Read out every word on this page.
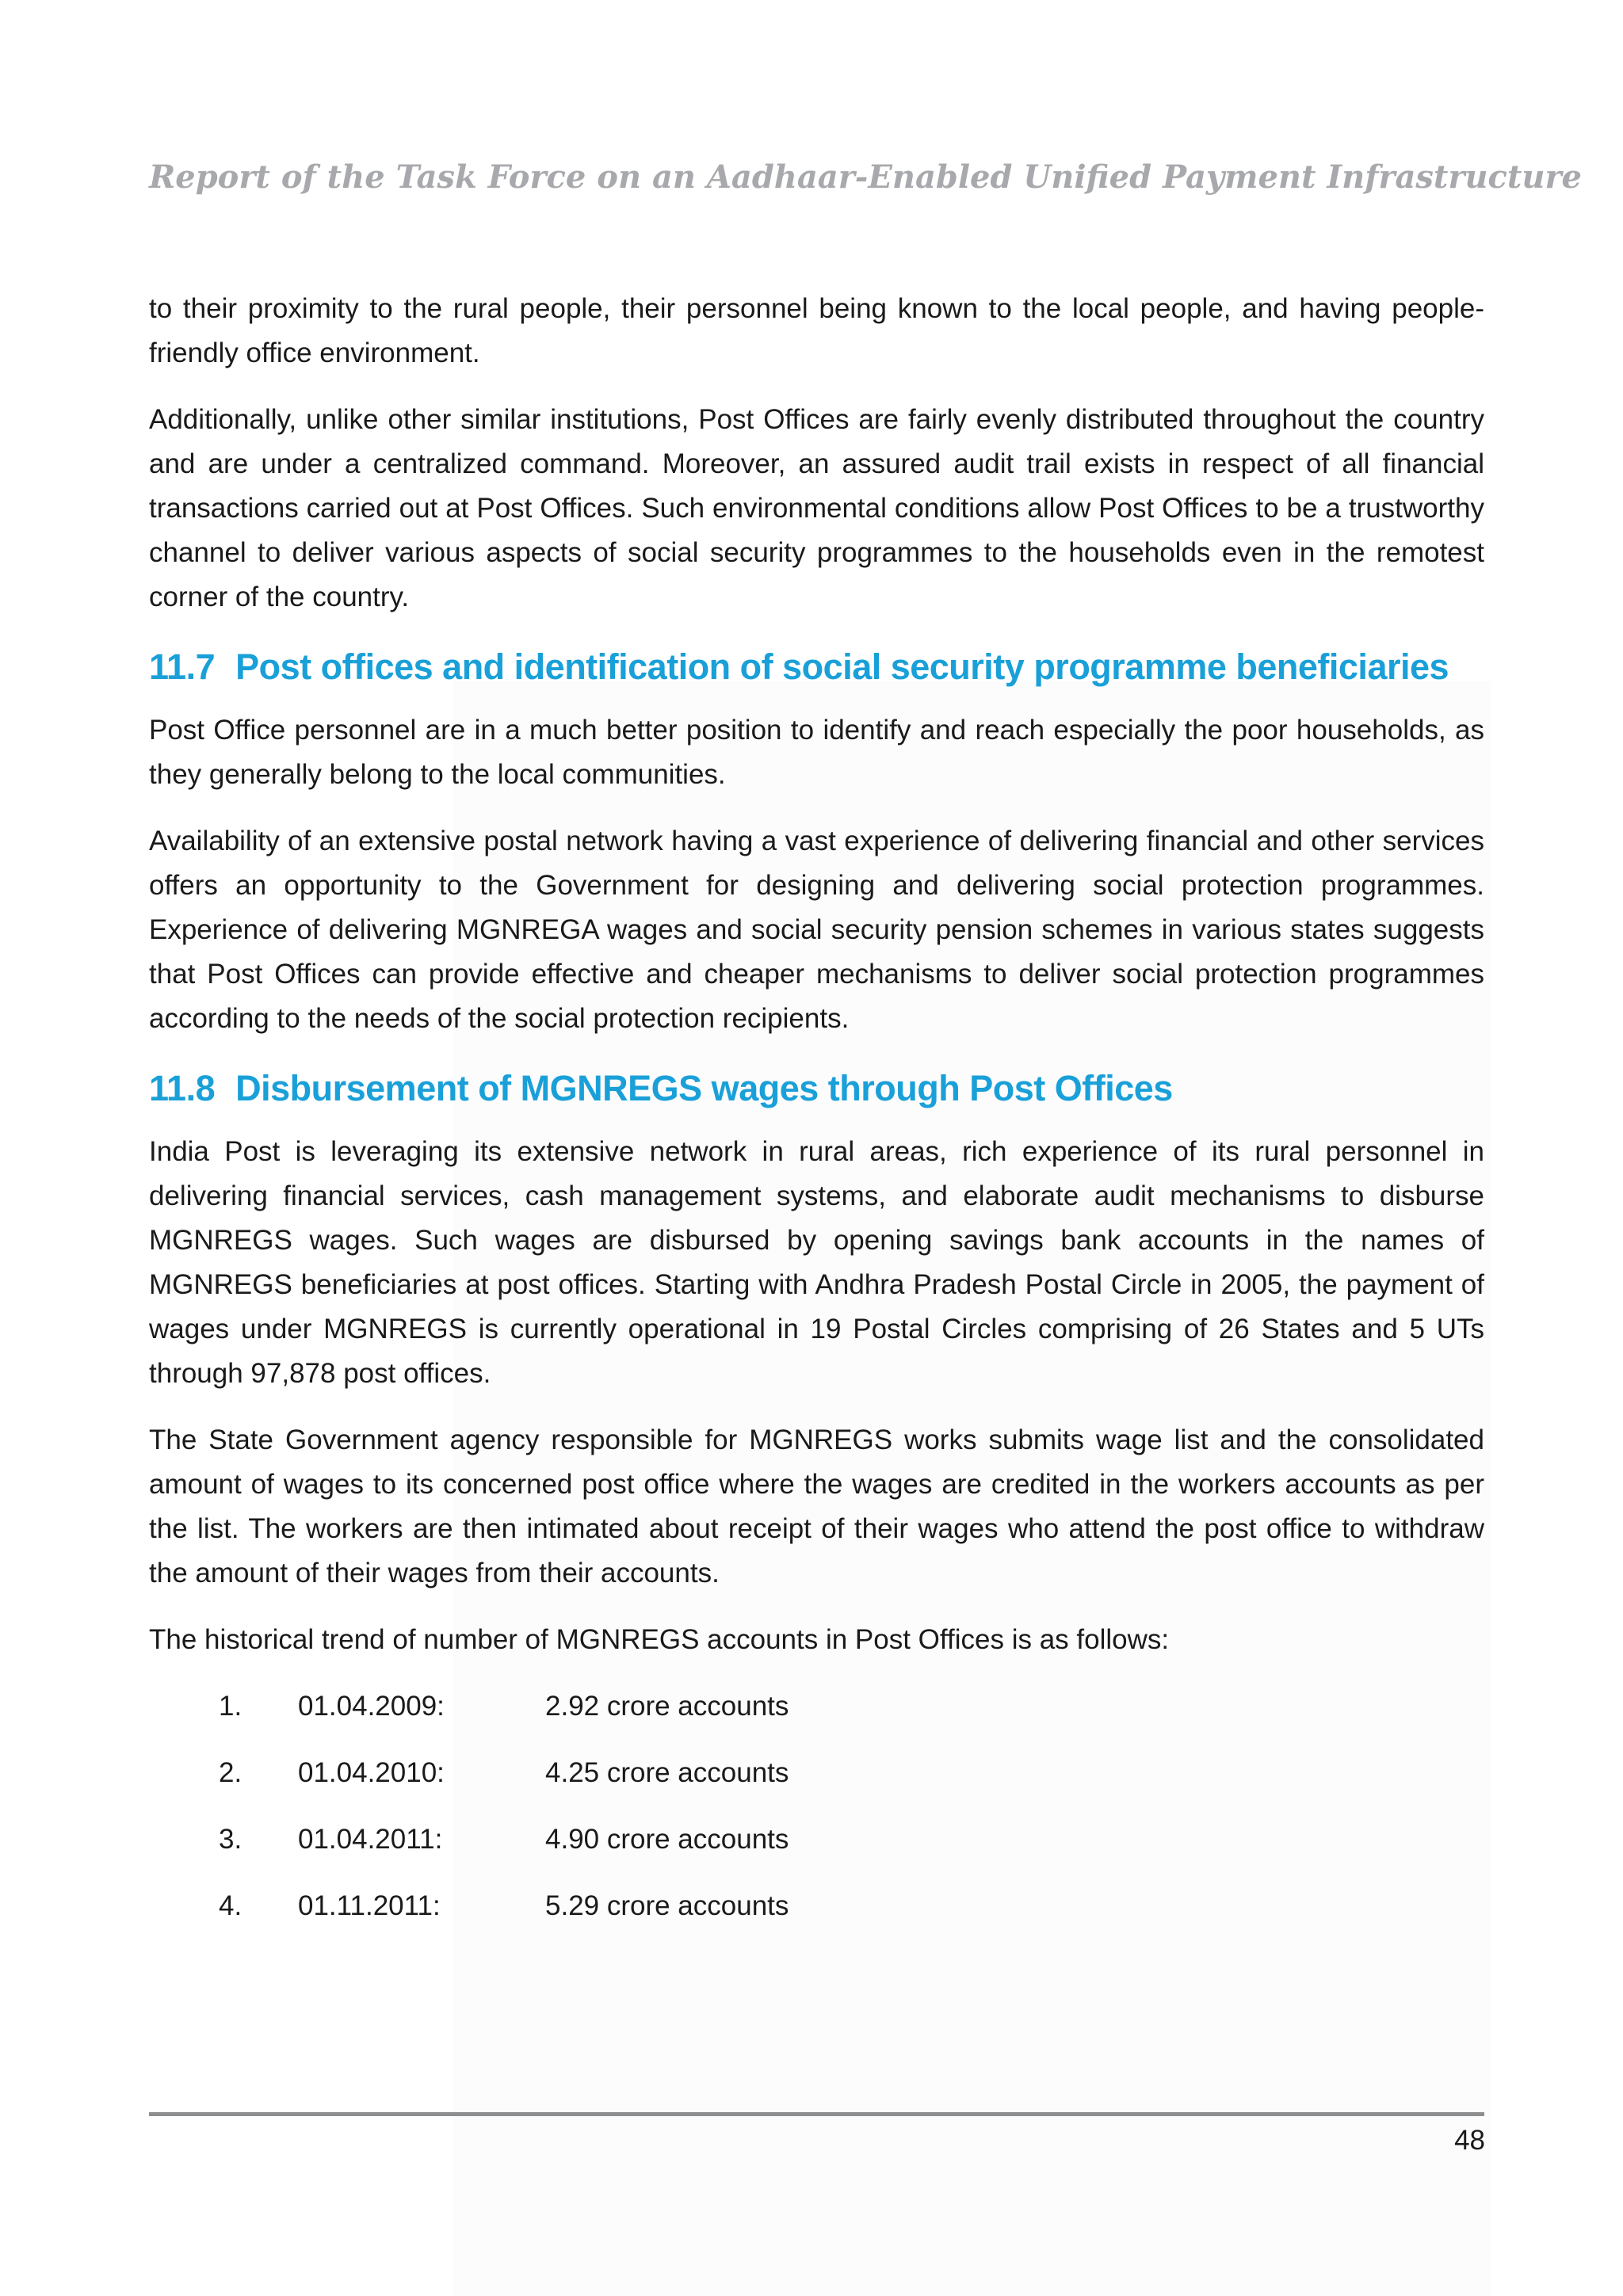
Report of the Task Force on an Aadhaar-Enabled Unified Payment Infrastructure

to their proximity to the rural people, their personnel being known to the local people, and having people-friendly office environment.

Additionally, unlike other similar institutions, Post Offices are fairly evenly distributed throughout the country and are under a centralized command. Moreover, an assured audit trail exists in respect of all financial transactions carried out at Post Offices. Such environmental conditions allow Post Offices to be a trustworthy channel to deliver various aspects of social security programmes to the households even in the remotest corner of the country.

11.7 Post offices and identification of social security programme beneficiaries

Post Office personnel are in a much better position to identify and reach especially the poor households, as they generally belong to the local communities.

Availability of an extensive postal network having a vast experience of delivering financial and other services offers an opportunity to the Government for designing and delivering social protection programmes. Experience of delivering MGNREGA wages and social security pension schemes in various states suggests that Post Offices can provide effective and cheaper mechanisms to deliver social protection programmes according to the needs of the social protection recipients.

11.8 Disbursement of MGNREGS wages through Post Offices

India Post is leveraging its extensive network in rural areas, rich experience of its rural personnel in delivering financial services, cash management systems, and elaborate audit mechanisms to disburse MGNREGS wages. Such wages are disbursed by opening savings bank accounts in the names of MGNREGS beneficiaries at post offices. Starting with Andhra Pradesh Postal Circle in 2005, the payment of wages under MGNREGS is currently operational in 19 Postal Circles comprising of 26 States and 5 UTs through 97,878 post offices.

The State Government agency responsible for MGNREGS works submits wage list and the consolidated amount of wages to its concerned post office where the wages are credited in the workers accounts as per the list. The workers are then intimated about receipt of their wages who attend the post office to withdraw the amount of their wages from their accounts.

The historical trend of number of MGNREGS accounts in Post Offices is as follows:

1. 01.04.2009:	2.92 crore accounts
2. 01.04.2010:	4.25 crore accounts
3. 01.04.2011:	4.90 crore accounts
4. 01.11.2011:	5.29 crore accounts
48
